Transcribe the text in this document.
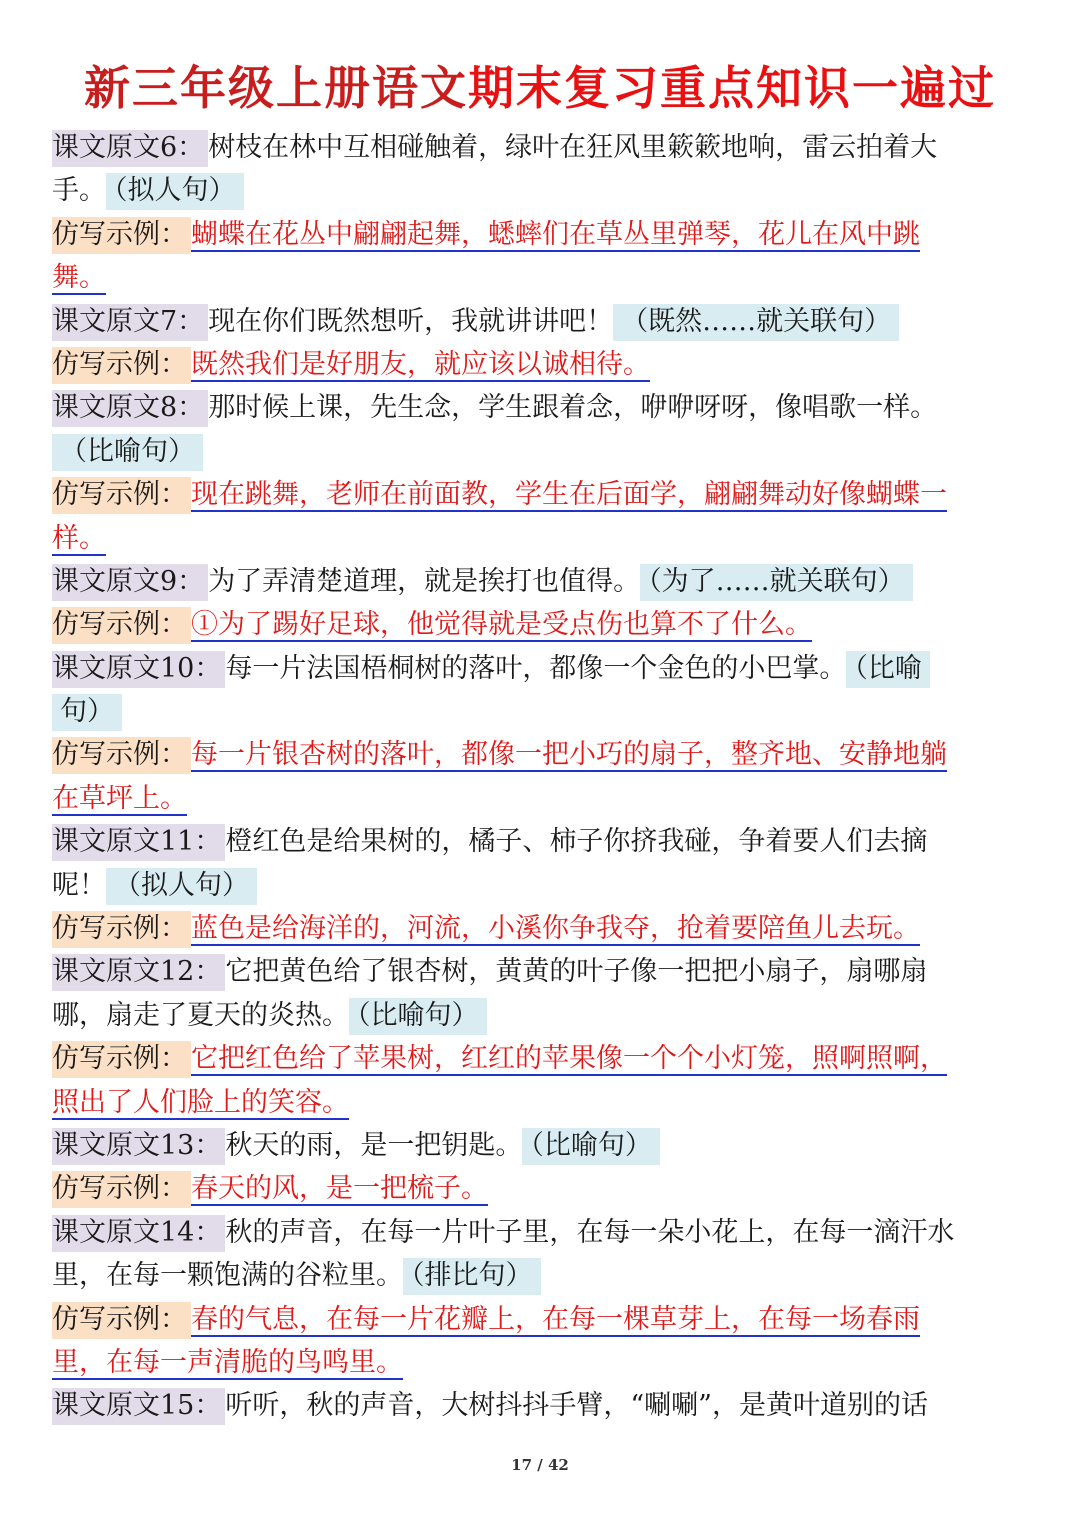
新三年级上册语文期末复习重点知识一遍过
课文原文6： 树枝在林中互相碰触着，绿叶在狂风里簌簌地响，雷云拍着大
手。 （拟人句）
仿写示例： 蝴蝶在花丛中翩翩起舞，蟋蟀们在草丛里弹琴，花儿在风中跳
舞。
课文原文7： 现在你们既然想听，我就讲讲吧！ （既然……就关联句）
仿写示例： 既然我们是好朋友，就应该以诚相待。
课文原文8： 那时候上课，先生念，学生跟着念，咿咿呀呀，像唱歌一样。
（比喻句）
仿写示例： 现在跳舞，老师在前面教，学生在后面学，翩翩舞动好像蝴蝶一
样。
课文原文9： 为了弄清楚道理，就是挨打也值得。 （为了……就关联句）
仿写示例： ①为了踢好足球，他觉得就是受点伤也算不了什么。
课文原文10： 每一片法国梧桐树的落叶，都像一个金色的小巴掌。 （比喻
句）
仿写示例： 每一片银杏树的落叶，都像一把小巧的扇子，整齐地、安静地躺
在草坪上。
课文原文11： 橙红色是给果树的，橘子、柿子你挤我碰，争着要人们去摘
呢！ （拟人句）
仿写示例： 蓝色是给海洋的，河流，小溪你争我夺，抢着要陪鱼儿去玩。
课文原文12： 它把黄色给了银杏树，黄黄的叶子像一把把小扇子，扇哪扇
哪，扇走了夏天的炎热。 （比喻句）
仿写示例： 它把红色给了苹果树，红红的苹果像一个个小灯笼，照啊照啊，
照出了人们脸上的笑容。
课文原文13： 秋天的雨，是一把钥匙。 （比喻句）
仿写示例： 春天的风，是一把梳子。
课文原文14： 秋的声音，在每一片叶子里，在每一朵小花上，在每一滴汗水
里，在每一颗饱满的谷粒里。 （排比句）
仿写示例： 春的气息，在每一片花瓣上，在每一棵草芽上，在每一场春雨
里，在每一声清脆的鸟鸣里。
课文原文15： 听听，秋的声音，大树抖抖手臂，“唰唰”，是黄叶道别的话
17 / 42
